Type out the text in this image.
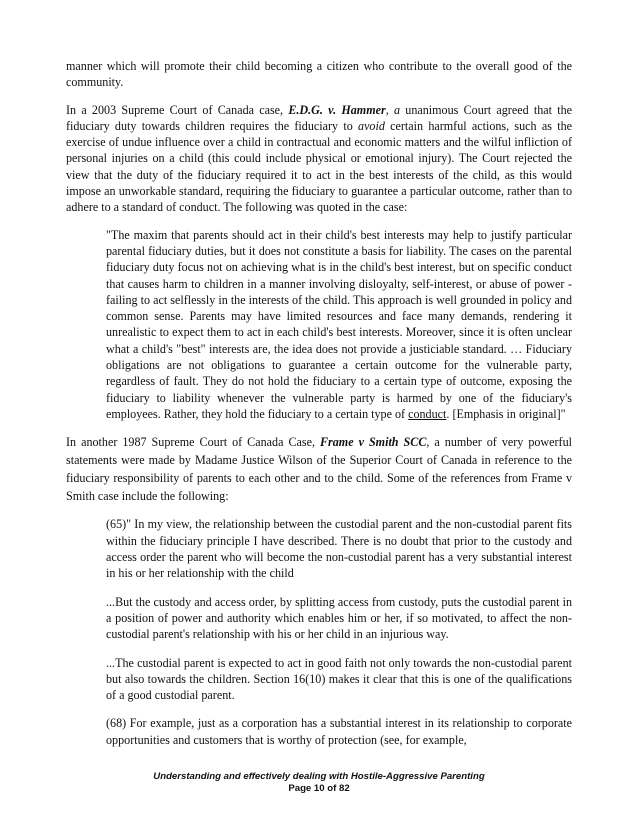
manner which will promote their child becoming a citizen who contribute to the overall good of the community.

In a 2003 Supreme Court of Canada case, E.D.G. v. Hammer, a unanimous Court agreed that the fiduciary duty towards children requires the fiduciary to avoid certain harmful actions, such as the exercise of undue influence over a child in contractual and economic matters and the wilful infliction of personal injuries on a child (this could include physical or emotional injury). The Court rejected the view that the duty of the fiduciary required it to act in the best interests of the child, as this would impose an unworkable standard, requiring the fiduciary to guarantee a particular outcome, rather than to adhere to a standard of conduct. The following was quoted in the case:

"The maxim that parents should act in their child's best interests may help to justify particular parental fiduciary duties, but it does not constitute a basis for liability. The cases on the parental fiduciary duty focus not on achieving what is in the child's best interest, but on specific conduct that causes harm to children in a manner involving disloyalty, self-interest, or abuse of power - failing to act selflessly in the interests of the child. This approach is well grounded in policy and common sense. Parents may have limited resources and face many demands, rendering it unrealistic to expect them to act in each child's best interests. Moreover, since it is often unclear what a child's "best" interests are, the idea does not provide a justiciable standard. … Fiduciary obligations are not obligations to guarantee a certain outcome for the vulnerable party, regardless of fault. They do not hold the fiduciary to a certain type of outcome, exposing the fiduciary to liability whenever the vulnerable party is harmed by one of the fiduciary's employees. Rather, they hold the fiduciary to a certain type of conduct. [Emphasis in original]"

In another 1987 Supreme Court of Canada Case, Frame v Smith SCC, a number of very powerful statements were made by Madame Justice Wilson of the Superior Court of Canada in reference to the fiduciary responsibility of parents to each other and to the child. Some of the references from Frame v Smith case include the following:

(65)" In my view, the relationship between the custodial parent and the non-custodial parent fits within the fiduciary principle I have described. There is no doubt that prior to the custody and access order the parent who will become the non-custodial parent has a very substantial interest in his or her relationship with the child

...But the custody and access order, by splitting access from custody, puts the custodial parent in a position of power and authority which enables him or her, if so motivated, to affect the non-custodial parent's relationship with his or her child in an injurious way.

...The custodial parent is expected to act in good faith not only towards the non-custodial parent but also towards the children. Section 16(10) makes it clear that this is one of the qualifications of a good custodial parent.

(68) For example, just as a corporation has a substantial interest in its relationship to corporate opportunities and customers that is worthy of protection (see, for example,

Understanding and effectively dealing with Hostile-Aggressive Parenting
Page 10 of 82
